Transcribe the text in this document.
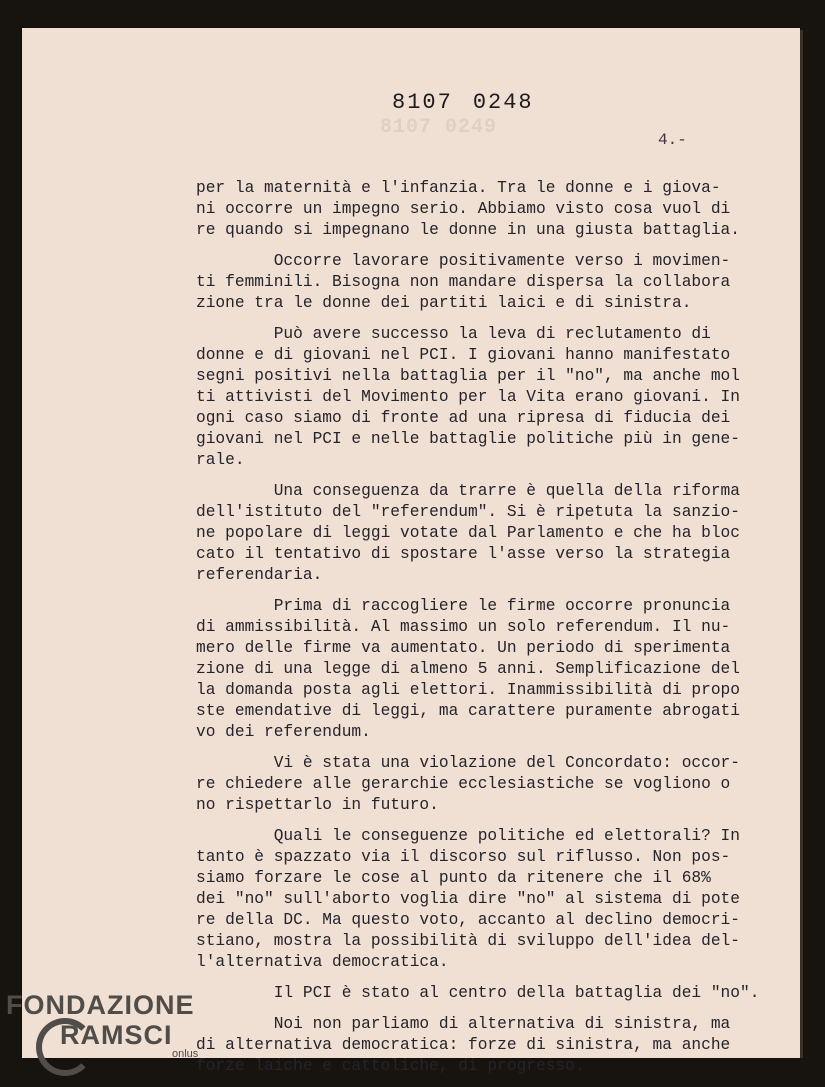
8107 0249
8107 0248
4.-
per la maternità e l'infanzia. Tra le donne e i giova-
ni occorre un impegno serio. Abbiamo visto cosa vuol di
re quando si impegnano le donne in una giusta battaglia.
Occorre lavorare positivamente verso i movimen-
ti femminili. Bisogna non mandare dispersa la collabora
zione tra le donne dei partiti laici e di sinistra.
Può avere successo la leva di reclutamento di
donne e di giovani nel PCI. I giovani hanno manifestato
segni positivi nella battaglia per il "no", ma anche mol
ti attivisti del Movimento per la Vita erano giovani. In
ogni caso siamo di fronte ad una ripresa di fiducia dei
giovani nel PCI e nelle battaglie politiche più in gene-
rale.
Una conseguenza da trarre è quella della riforma
dell'istituto del "referendum". Si è ripetuta la sanzio-
ne popolare di leggi votate dal Parlamento e che ha bloc
cato il tentativo di spostare l'asse verso la strategia
referendaria.
Prima di raccogliere le firme occorre pronuncia
di ammissibilità. Al massimo un solo referendum. Il nu-
mero delle firme va aumentato. Un periodo di sperimenta
zione di una legge di almeno 5 anni. Semplificazione del
la domanda posta agli elettori. Inammissibilità di propo
ste emendative di leggi, ma carattere puramente abrogati
vo dei referendum.
Vi è stata una violazione del Concordato: occor-
re chiedere alle gerarchie ecclesiastiche se vogliono o
no rispettarlo in futuro.
Quali le conseguenze politiche ed elettorali? In
tanto è spazzato via il discorso sul riflusso. Non pos-
siamo forzare le cose al punto da ritenere che il 68%
dei "no" sull'aborto voglia dire "no" al sistema di pote
re della DC. Ma questo voto, accanto al declino democri-
stiano, mostra la possibilità di sviluppo dell'idea del-
l'alternativa democratica.
Il PCI è stato al centro della battaglia dei "no".
Noi non parliamo di alternativa di sinistra, ma
di alternativa democratica: forze di sinistra, ma anche
forze laiche e cattoliche, di progresso.
FONDAZIONE
RAMSCI
onlus
